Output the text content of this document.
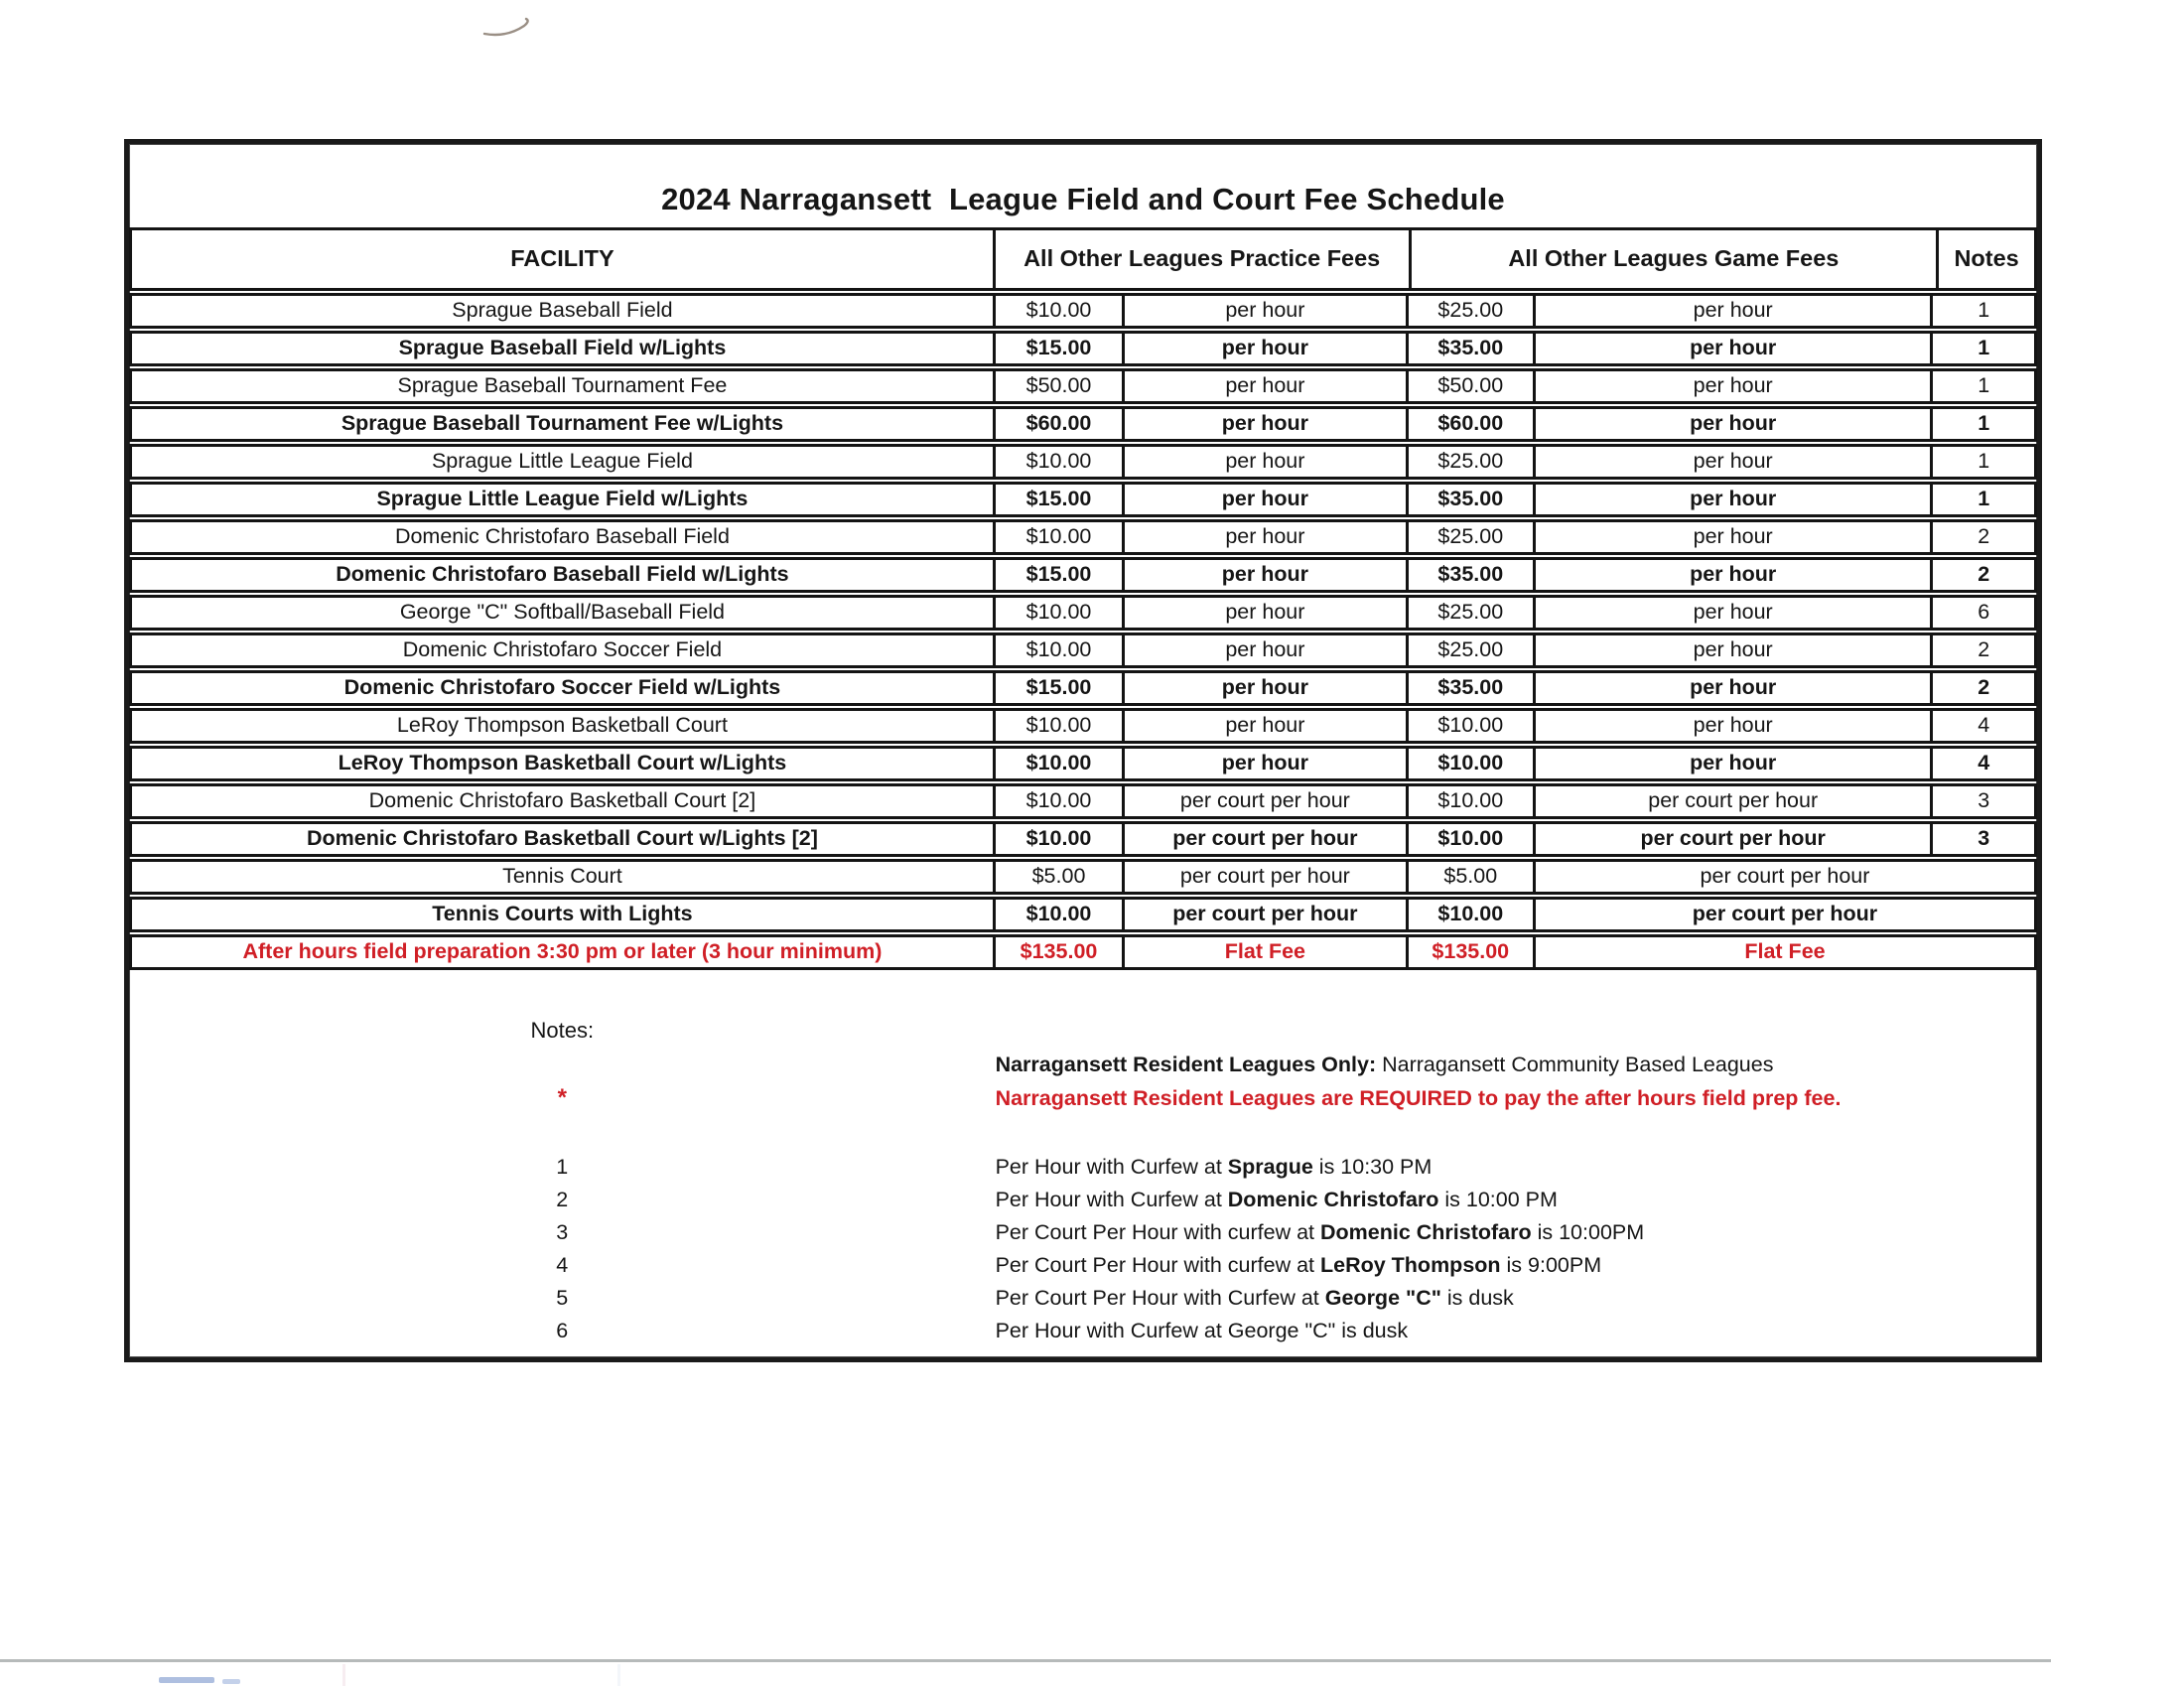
2024 Narragansett  League Field and Court Fee Schedule
FACILITY	All Other Leagues Practice Fees	All Other Leagues Game Fees	Notes
Sprague Baseball Field	$10.00	per hour	$25.00	per hour	1
Sprague Baseball Field w/Lights	$15.00	per hour	$35.00	per hour	1
Sprague Baseball Tournament Fee	$50.00	per hour	$50.00	per hour	1
Sprague Baseball Tournament Fee w/Lights	$60.00	per hour	$60.00	per hour	1
Sprague Little League Field	$10.00	per hour	$25.00	per hour	1
Sprague Little League Field w/Lights	$15.00	per hour	$35.00	per hour	1
Domenic Christofaro Baseball Field	$10.00	per hour	$25.00	per hour	2
Domenic Christofaro Baseball Field w/Lights	$15.00	per hour	$35.00	per hour	2
George "C" Softball/Baseball Field	$10.00	per hour	$25.00	per hour	6
Domenic Christofaro Soccer Field	$10.00	per hour	$25.00	per hour	2
Domenic Christofaro Soccer Field w/Lights	$15.00	per hour	$35.00	per hour	2
LeRoy Thompson Basketball Court	$10.00	per hour	$10.00	per hour	4
LeRoy Thompson Basketball Court w/Lights	$10.00	per hour	$10.00	per hour	4
Domenic Christofaro Basketball Court [2]	$10.00	per court per hour	$10.00	per court per hour	3
Domenic Christofaro Basketball Court w/Lights [2]	$10.00	per court per hour	$10.00	per court per hour	3
Tennis Court	$5.00	per court per hour	$5.00	per court per hour
Tennis Courts with Lights	$10.00	per court per hour	$10.00	per court per hour
After hours field preparation 3:30 pm or later (3 hour minimum)	$135.00	Flat Fee	$135.00	Flat Fee
Notes:

*
Narragansett Resident Leagues Only: Narragansett Community Based Leagues
Narragansett Resident Leagues are REQUIRED to pay the after hours field prep fee.
1	Per Hour with Curfew at Sprague is 10:30 PM
2	Per Hour with Curfew at Domenic Christofaro is 10:00 PM
3	Per Court Per Hour with curfew at Domenic Christofaro is 10:00PM
4	Per Court Per Hour with curfew at LeRoy Thompson is 9:00PM
5	Per Court Per Hour with Curfew at George "C" is dusk
6	Per Hour with Curfew at George "C" is dusk
